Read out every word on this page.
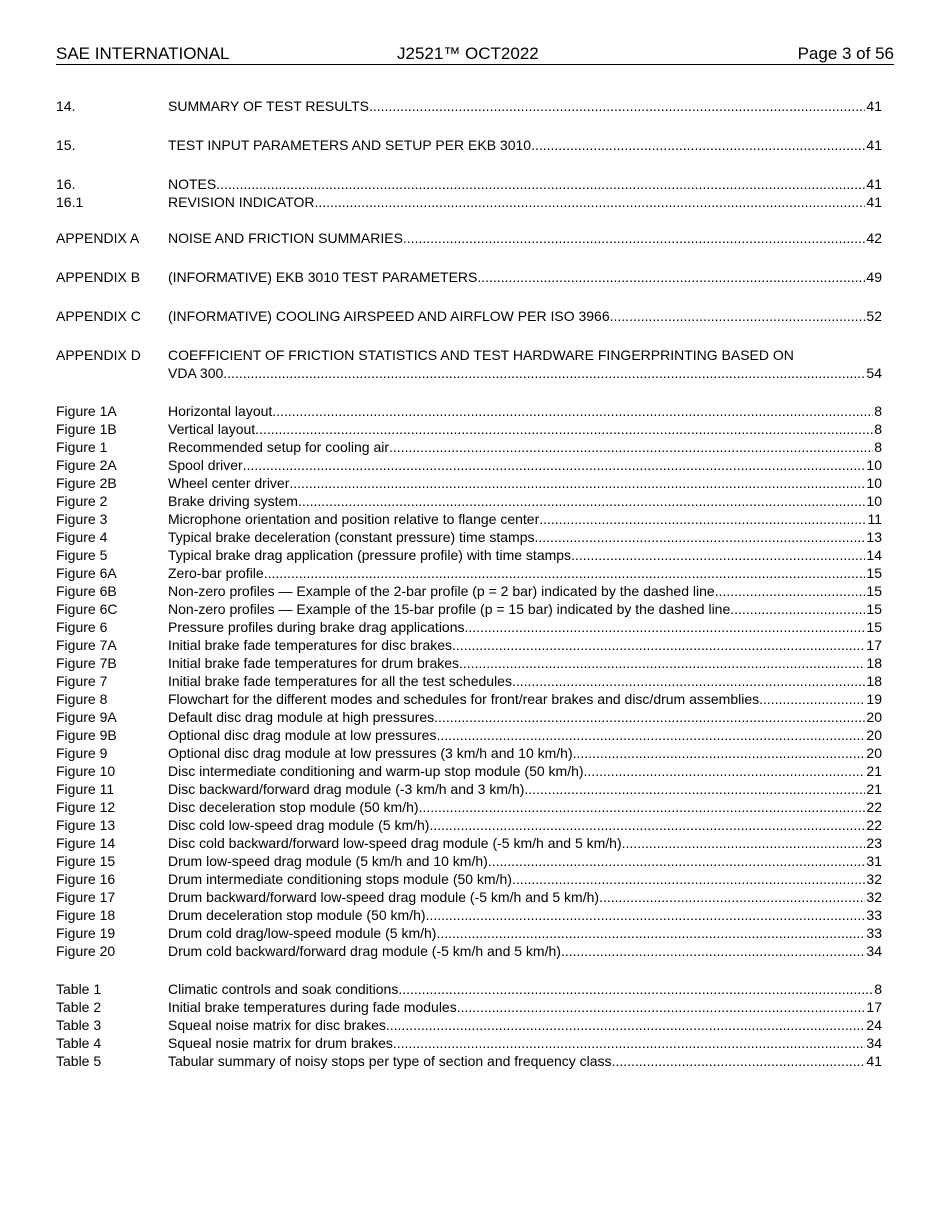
SAE INTERNATIONAL	J2521™ OCT2022	Page 3 of 56
14.	SUMMARY OF TEST RESULTS .....	41
15.	TEST INPUT PARAMETERS AND SETUP PER EKB 3010 .....	41
16.	NOTES .....	41
16.1	REVISION INDICATOR .....	41
APPENDIX A	NOISE AND FRICTION SUMMARIES .....	42
APPENDIX B	(INFORMATIVE) EKB 3010 TEST PARAMETERS .....	49
APPENDIX C	(INFORMATIVE) COOLING AIRSPEED AND AIRFLOW PER ISO 3966 .....	52
APPENDIX D	COEFFICIENT OF FRICTION STATISTICS AND TEST HARDWARE FINGERPRINTING BASED ON
VDA 300 .....	54
Figure 1A	Horizontal layout .....	8
Figure 1B	Vertical layout .....	8
Figure 1	Recommended setup for cooling air .....	8
Figure 2A	Spool driver .....	10
Figure 2B	Wheel center driver .....	10
Figure 2	Brake driving system .....	10
Figure 3	Microphone orientation and position relative to flange center .....	11
Figure 4	Typical brake deceleration (constant pressure) time stamps .....	13
Figure 5	Typical brake drag application (pressure profile) with time stamps .....	14
Figure 6A	Zero-bar profile .....	15
Figure 6B	Non-zero profiles — Example of the 2-bar profile (p = 2 bar) indicated by the dashed line .....	15
Figure 6C	Non-zero profiles — Example of the 15-bar profile (p = 15 bar) indicated by the dashed line .....	15
Figure 6	Pressure profiles during brake drag applications .....	15
Figure 7A	Initial brake fade temperatures for disc brakes .....	17
Figure 7B	Initial brake fade temperatures for drum brakes .....	18
Figure 7	Initial brake fade temperatures for all the test schedules .....	18
Figure 8	Flowchart for the different modes and schedules for front/rear brakes and disc/drum assemblies .....	19
Figure 9A	Default disc drag module at high pressures .....	20
Figure 9B	Optional disc drag module at low pressures .....	20
Figure 9	Optional disc drag module at low pressures (3 km/h and 10 km/h) .....	20
Figure 10	Disc intermediate conditioning and warm-up stop module (50 km/h) .....	21
Figure 11	Disc backward/forward drag module (-3 km/h and 3 km/h) .....	21
Figure 12	Disc deceleration stop module (50 km/h) .....	22
Figure 13	Disc cold low-speed drag module (5 km/h) .....	22
Figure 14	Disc cold backward/forward low-speed drag module (-5 km/h and 5 km/h) .....	23
Figure 15	Drum low-speed drag module (5 km/h and 10 km/h) .....	31
Figure 16	Drum intermediate conditioning stops module (50 km/h) .....	32
Figure 17	Drum backward/forward low-speed drag module (-5 km/h and 5 km/h) .....	32
Figure 18	Drum deceleration stop module (50 km/h) .....	33
Figure 19	Drum cold drag/low-speed module (5 km/h) .....	33
Figure 20	Drum cold backward/forward drag module (-5 km/h and 5 km/h) .....	34
Table 1	Climatic controls and soak conditions .....	8
Table 2	Initial brake temperatures during fade modules .....	17
Table 3	Squeal noise matrix for disc brakes .....	24
Table 4	Squeal nosie matrix for drum brakes .....	34
Table 5	Tabular summary of noisy stops per type of section and frequency class .....	41
